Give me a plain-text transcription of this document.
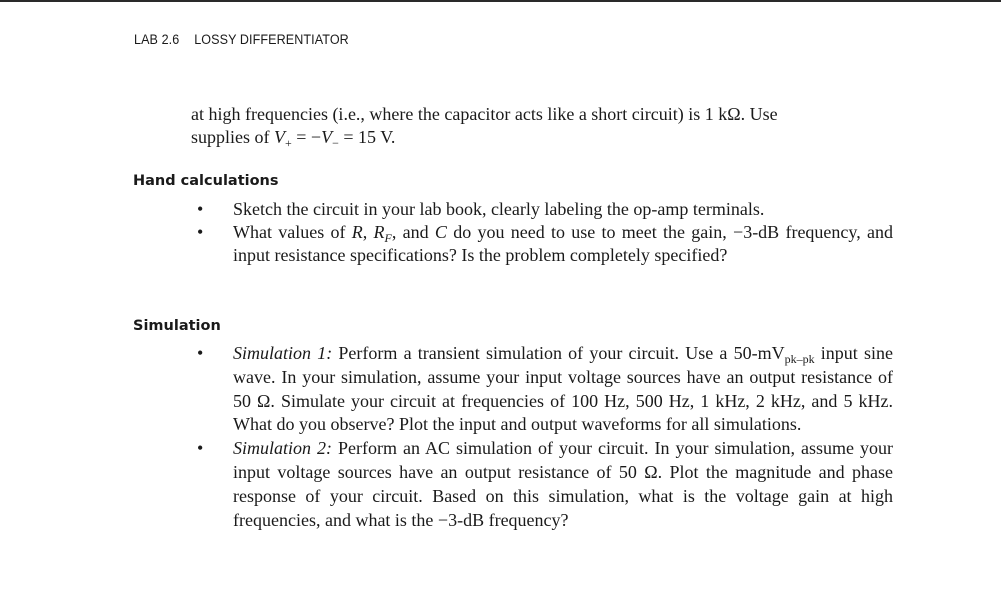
LAB 2.6 LOSSY DIFFERENTIATOR

at high frequencies (i.e., where the capacitor acts like a short circuit) is 1 kΩ. Use

supplies of $V_+ = -V_- = 15$ V.

Hand calculations
• Sketch the circuit in your lab book, clearly labeling the op-amp terminals.
• What values of R, $R_F$, and C do you need to use to meet the gain, −3-dB frequency, and input resistance specifications? Is the problem completely specified?
Simulation
• Simulation 1: Perform a transient simulation of your circuit. Use a $50-mV_{pk-pk}$ input sine wave. In your simulation, assume your input voltage sources have an output resistance of 50 Ω. Simulate your circuit at frequencies of 100 Hz, 500 Hz, 1 kHz, 2 kHz, and 5 kHz. What do you observe? Plot the input and output waveforms for all simulations.
• Simulation 2: Perform an AC simulation of your circuit. In your simulation, assume your input voltage sources have an output resistance of 50 Ω. Plot the magnitude and phase response of your circuit. Based on this simulation, what is the voltage gain at high frequencies, and what is the −3-dB frequency?
